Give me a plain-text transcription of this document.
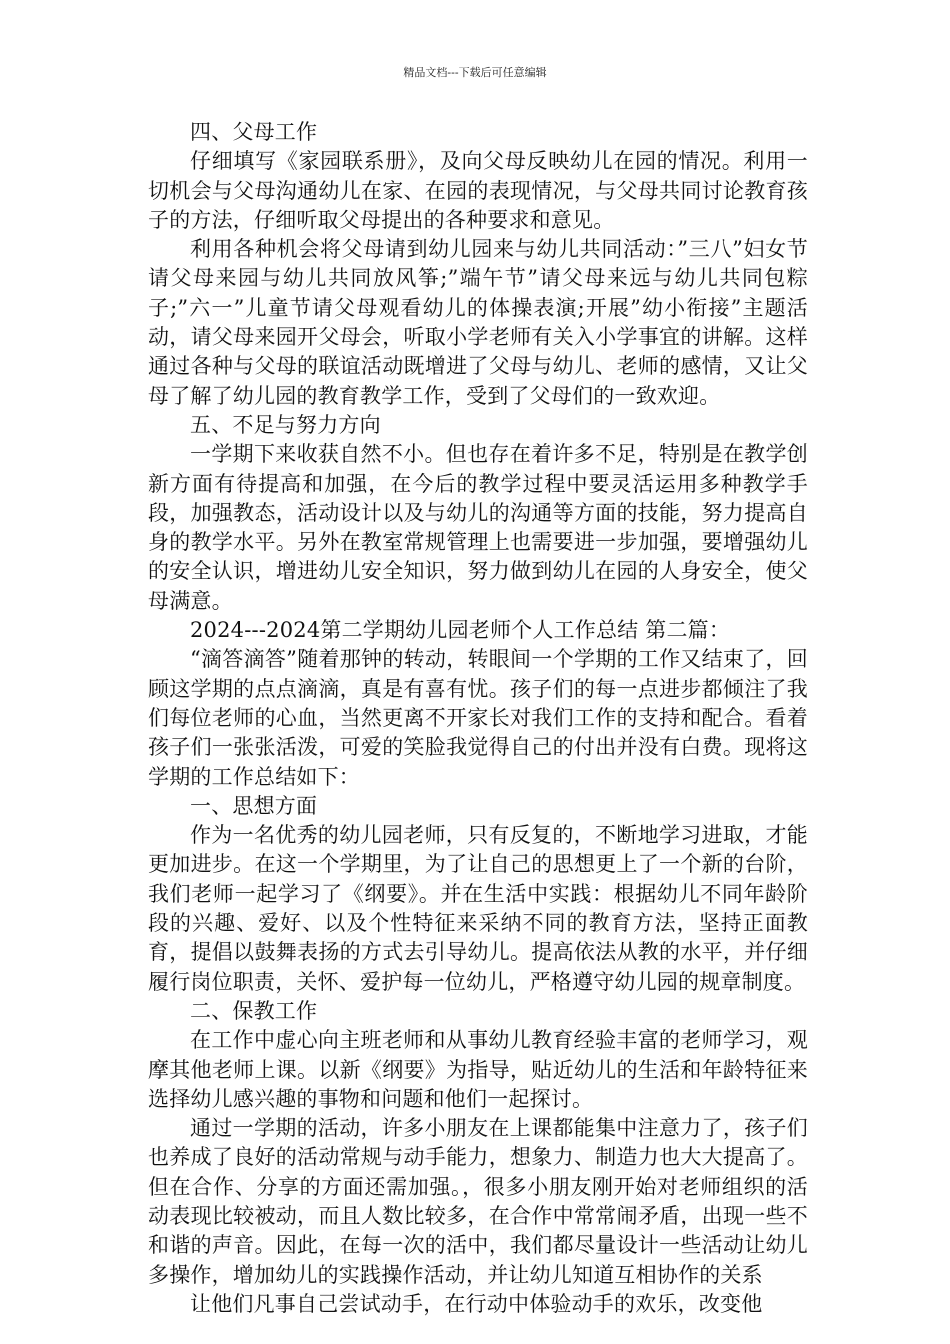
精品文档---下载后可任意编辑

四、父母工作

仔细填写《家园联系册》，及向父母反映幼儿在园的情况。利用一切机会与父母沟通幼儿在家、在园的表现情况，与父母共同讨论教育孩子的方法，仔细听取父母提出的各种要求和意见。

利用各种机会将父母请到幼儿园来与幼儿共同活动：”三八”妇女节请父母来园与幼儿共同放风筝;”端午节”请父母来远与幼儿共同包粽子;”六一”儿童节请父母观看幼儿的体操表演;开展”幼小衔接”主题活动，请父母来园开父母会，听取小学老师有关入小学事宜的讲解。这样通过各种与父母的联谊活动既增进了父母与幼儿、老师的感情，又让父母了解了幼儿园的教育教学工作，受到了父母们的一致欢迎。

五、不足与努力方向

一学期下来收获自然不小。但也存在着许多不足，特别是在教学创新方面有待提高和加强，在今后的教学过程中要灵活运用多种教学手段，加强教态，活动设计以及与幼儿的沟通等方面的技能，努力提高自身的教学水平。另外在教室常规管理上也需要进一步加强，要增强幼儿的安全认识，增进幼儿安全知识，努力做到幼儿在园的人身安全，使父母满意。

2024---2024第二学期幼儿园老师个人工作总结 第二篇：

“滴答滴答”随着那钟的转动，转眼间一个学期的工作又结束了，回顾这学期的点点滴滴，真是有喜有忧。孩子们的每一点进步都倾注了我们每位老师的心血，当然更离不开家长对我们工作的支持和配合。看着孩子们一张张活泼，可爱的笑脸我觉得自己的付出并没有白费。现将这学期的工作总结如下：

一、思想方面

作为一名优秀的幼儿园老师，只有反复的，不断地学习进取，才能更加进步。在这一个学期里，为了让自己的思想更上了一个新的台阶，我们老师一起学习了《纲要》。并在生活中实践：根据幼儿不同年龄阶段的兴趣、爱好、以及个性特征来采纳不同的教育方法，坚持正面教育，提倡以鼓舞表扬的方式去引导幼儿。提高依法从教的水平，并仔细履行岗位职责，关怀、爱护每一位幼儿，严格遵守幼儿园的规章制度。

二、保教工作

在工作中虚心向主班老师和从事幼儿教育经验丰富的老师学习，观摩其他老师上课。以新《纲要》为指导，贴近幼儿的生活和年龄特征来选择幼儿感兴趣的事物和问题和他们一起探讨。

通过一学期的活动，许多小朋友在上课都能集中注意力了，孩子们也养成了良好的活动常规与动手能力，想象力、制造力也大大提高了。但在合作、分享的方面还需加强。，很多小朋友刚开始对老师组织的活动表现比较被动，而且人数比较多，在合作中常常闹矛盾，出现一些不和谐的声音。因此，在每一次的活中，我们都尽量设计一些活动让幼儿多操作，增加幼儿的实践操作活动，并让幼儿知道互相协作的关系

让他们凡事自己尝试动手，在行动中体验动手的欢乐，改变他
